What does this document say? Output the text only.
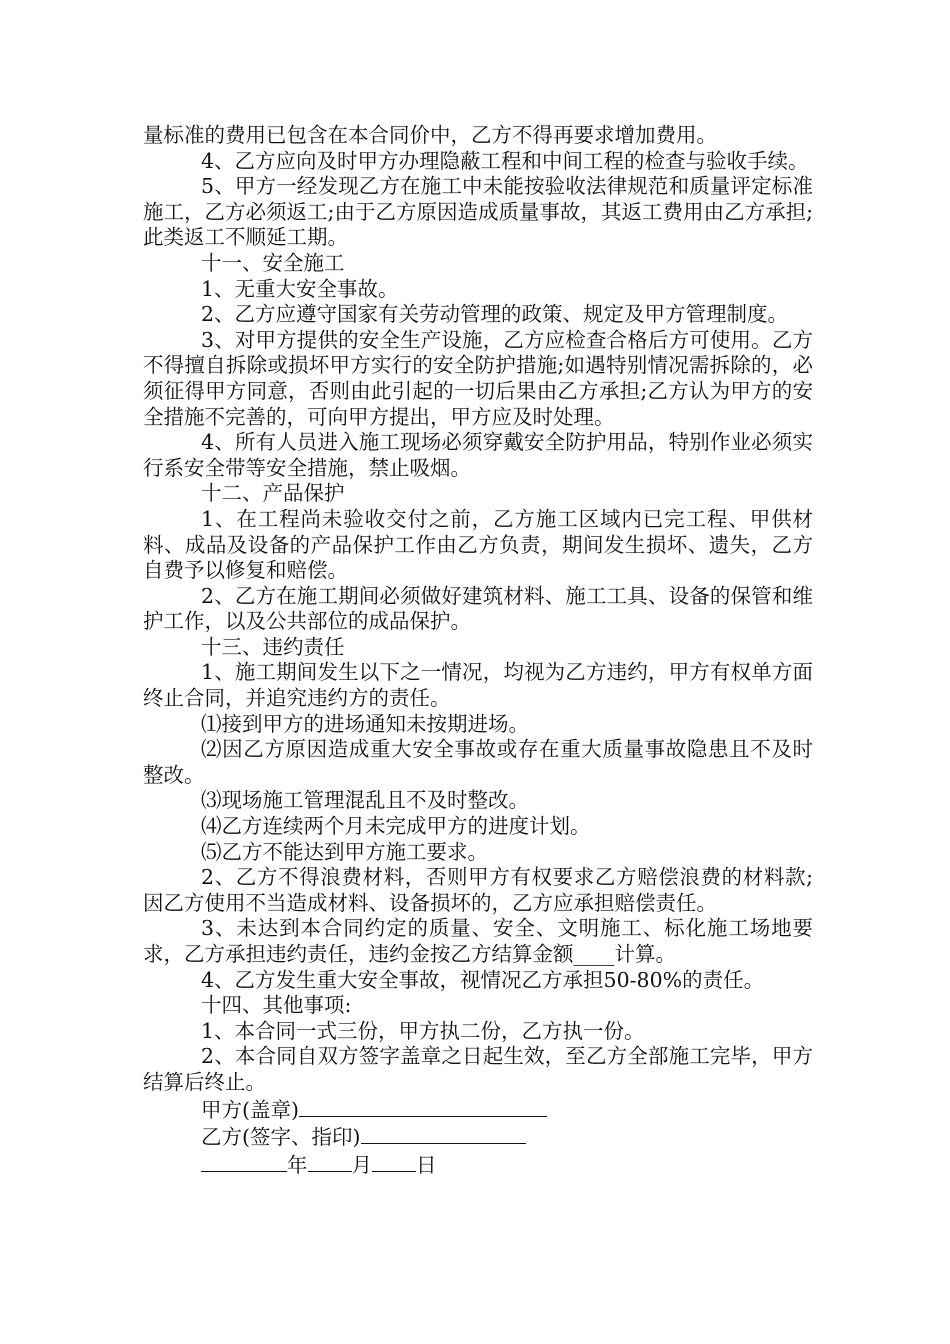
量标准的费用已包含在本合同价中，乙方不得再要求增加费用。

4、乙方应向及时甲方办理隐蔽工程和中间工程的检查与验收手续。

5、甲方一经发现乙方在施工中未能按验收法律规范和质量评定标准施工，乙方必须返工;由于乙方原因造成质量事故，其返工费用由乙方承担;此类返工不顺延工期。

十一、安全施工

1、无重大安全事故。

2、乙方应遵守国家有关劳动管理的政策、规定及甲方管理制度。

3、对甲方提供的安全生产设施，乙方应检查合格后方可使用。乙方不得擅自拆除或损坏甲方实行的安全防护措施;如遇特别情况需拆除的，必须征得甲方同意，否则由此引起的一切后果由乙方承担;乙方认为甲方的安全措施不完善的，可向甲方提出，甲方应及时处理。

4、所有人员进入施工现场必须穿戴安全防护用品，特别作业必须实行系安全带等安全措施，禁止吸烟。

十二、产品保护

1、在工程尚未验收交付之前，乙方施工区域内已完工程、甲供材料、成品及设备的产品保护工作由乙方负责，期间发生损坏、遗失，乙方自费予以修复和赔偿。

2、乙方在施工期间必须做好建筑材料、施工工具、设备的保管和维护工作，以及公共部位的成品保护。

十三、违约责任

1、施工期间发生以下之一情况，均视为乙方违约，甲方有权单方面终止合同，并追究违约方的责任。

⑴接到甲方的进场通知未按期进场。

⑵因乙方原因造成重大安全事故或存在重大质量事故隐患且不及时整改。

⑶现场施工管理混乱且不及时整改。

⑷乙方连续两个月未完成甲方的进度计划。

⑸乙方不能达到甲方施工要求。

2、乙方不得浪费材料，否则甲方有权要求乙方赔偿浪费的材料款;因乙方使用不当造成材料、设备损坏的，乙方应承担赔偿责任。

3、未达到本合同约定的质量、安全、文明施工、标化施工场地要求，乙方承担违约责任，违约金按乙方结算金额____计算。

4、乙方发生重大安全事故，视情况乙方承担50-80%的责任。

十四、其他事项:

1、本合同一式三份，甲方执二份，乙方执一份。

2、本合同自双方签字盖章之日起生效，至乙方全部施工完毕，甲方结算后终止。

甲方(盖章)
乙方(签字、指印)
年 月 日
